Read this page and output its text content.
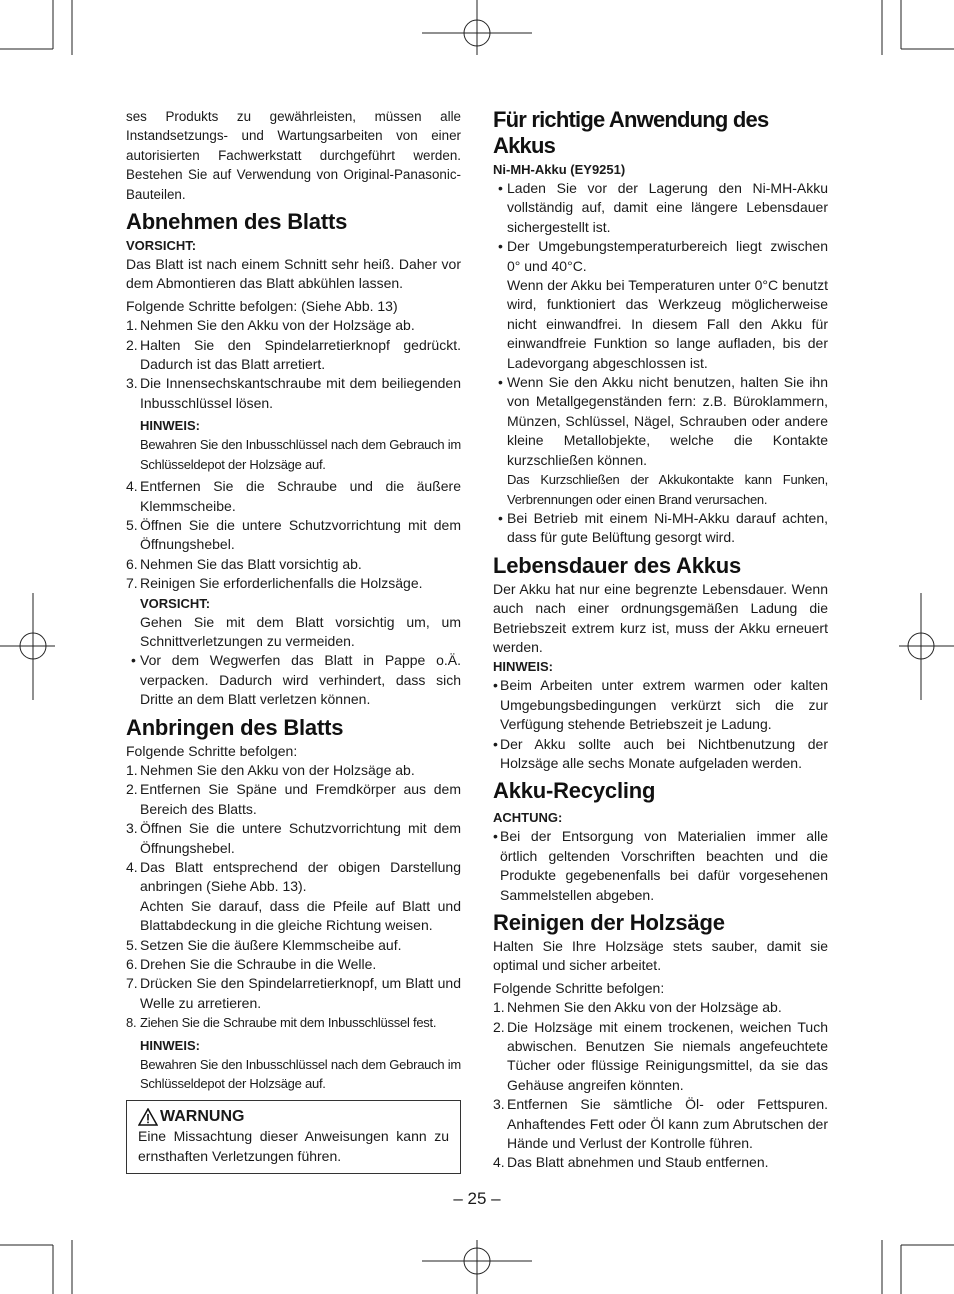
ses Produkts zu gewährleisten, müssen alle Instandsetzungs- und Wartungsarbeiten von einer autorisierten Fachwerkstatt durchgeführt werden. Bestehen Sie auf Verwendung von Original-Panasonic-Bauteilen.

Abnehmen des Blatts

VORSICHT:

Das Blatt ist nach einem Schnitt sehr heiß. Daher vor dem Abmontieren das Blatt abkühlen lassen.

Folgende Schritte befolgen: (Siehe Abb. 13)

1. Nehmen Sie den Akku von der Holzsäge ab.
2. Halten Sie den Spindelarretierknopf gedrückt. Dadurch ist das Blatt arretiert.
3. Die Innensechskantschraube mit dem beiliegenden Inbusschlüssel lösen.

HINWEIS:

Bewahren Sie den Inbusschlüssel nach dem Gebrauch im Schlüsseldepot der Holzsäge auf.

4. Entfernen Sie die Schraube und die äußere Klemmscheibe.
5. Öffnen Sie die untere Schutzvorrichtung mit dem Öffnungshebel.
6. Nehmen Sie das Blatt vorsichtig ab.
7. Reinigen Sie erforderlichenfalls die Holzsäge.

VORSICHT:

Gehen Sie mit dem Blatt vorsichtig um, um Schnittverletzungen zu vermeiden.

• Vor dem Wegwerfen das Blatt in Pappe o.Ä. verpacken. Dadurch wird verhindert, dass sich Dritte an dem Blatt verletzen können.
Anbringen des Blatts

Folgende Schritte befolgen:

1. Nehmen Sie den Akku von der Holzsäge ab.
2. Entfernen Sie Späne und Fremdkörper aus dem Bereich des Blatts.
3. Öffnen Sie die untere Schutzvorrichtung mit dem Öffnungshebel.
4. Das Blatt entsprechend der obigen Darstellung anbringen (Siehe Abb. 13).

Achten Sie darauf, dass die Pfeile auf Blatt und Blattabdeckung in die gleiche Richtung weisen.

5. Setzen Sie die äußere Klemmscheibe auf.
6. Drehen Sie die Schraube in die Welle.
7. Drücken Sie den Spindelarretierknopf, um Blatt und Welle zu arretieren.
8. Ziehen Sie die Schraube mit dem Inbusschlüssel fest.

HINWEIS:

Bewahren Sie den Inbusschlüssel nach dem Gebrauch im Schlüsseldepot der Holzsäge auf.

WARNUNG

Eine Missachtung dieser Anweisungen kann zu ernsthaften Verletzungen führen.

Für richtige Anwendung des Akkus

Ni-MH-Akku (EY9251)

• Laden Sie vor der Lagerung den Ni-MH-Akku vollständig auf, damit eine längere Lebensdauer sichergestellt ist.
• Der Umgebungstemperaturbereich liegt zwischen 0° und 40°C.

Wenn der Akku bei Temperaturen unter 0°C benutzt wird, funktioniert das Werkzeug möglicherweise nicht einwandfrei. In diesem Fall den Akku für einwandfreie Funktion so lange aufladen, bis der Ladevorgang abgeschlossen ist.

• Wenn Sie den Akku nicht benutzen, halten Sie ihn von Metallgegenständen fern: z.B. Büroklammern, Münzen, Schlüssel, Nägel, Schrauben oder andere kleine Metallobjekte, welche die Kontakte kurzschließen können.

Das Kurzschließen der Akkukontakte kann Funken, Verbrennungen oder einen Brand verursachen.

• Bei Betrieb mit einem Ni-MH-Akku darauf achten, dass für gute Belüftung gesorgt wird.
Lebensdauer des Akkus

Der Akku hat nur eine begrenzte Lebensdauer. Wenn auch nach einer ordnungsgemäßen Ladung die Betriebszeit extrem kurz ist, muss der Akku erneuert werden.

HINWEIS:

• Beim Arbeiten unter extrem warmen oder kalten Umgebungsbedingungen verkürzt sich die zur Verfügung stehende Betriebszeit je Ladung.
• Der Akku sollte auch bei Nichtbenutzung der Holzsäge alle sechs Monate aufgeladen werden.
Akku-Recycling

ACHTUNG:

• Bei der Entsorgung von Materialien immer alle örtlich geltenden Vorschriften beachten und die Produkte gegebenenfalls bei dafür vorgesehenen Sammelstellen abgeben.
Reinigen der Holzsäge

Halten Sie Ihre Holzsäge stets sauber, damit sie optimal und sicher arbeitet.

Folgende Schritte befolgen:

1. Nehmen Sie den Akku von der Holzsäge ab.
2. Die Holzsäge mit einem trockenen, weichen Tuch abwischen. Benutzen Sie niemals angefeuchtete Tücher oder flüssige Reinigungsmittel, da sie das Gehäuse angreifen könnten.
3. Entfernen Sie sämtliche Öl- oder Fettspuren. Anhaftendes Fett oder Öl kann zum Abrutschen der Hände und Verlust der Kontrolle führen.
4. Das Blatt abnehmen und Staub entfernen.
– 25 –
